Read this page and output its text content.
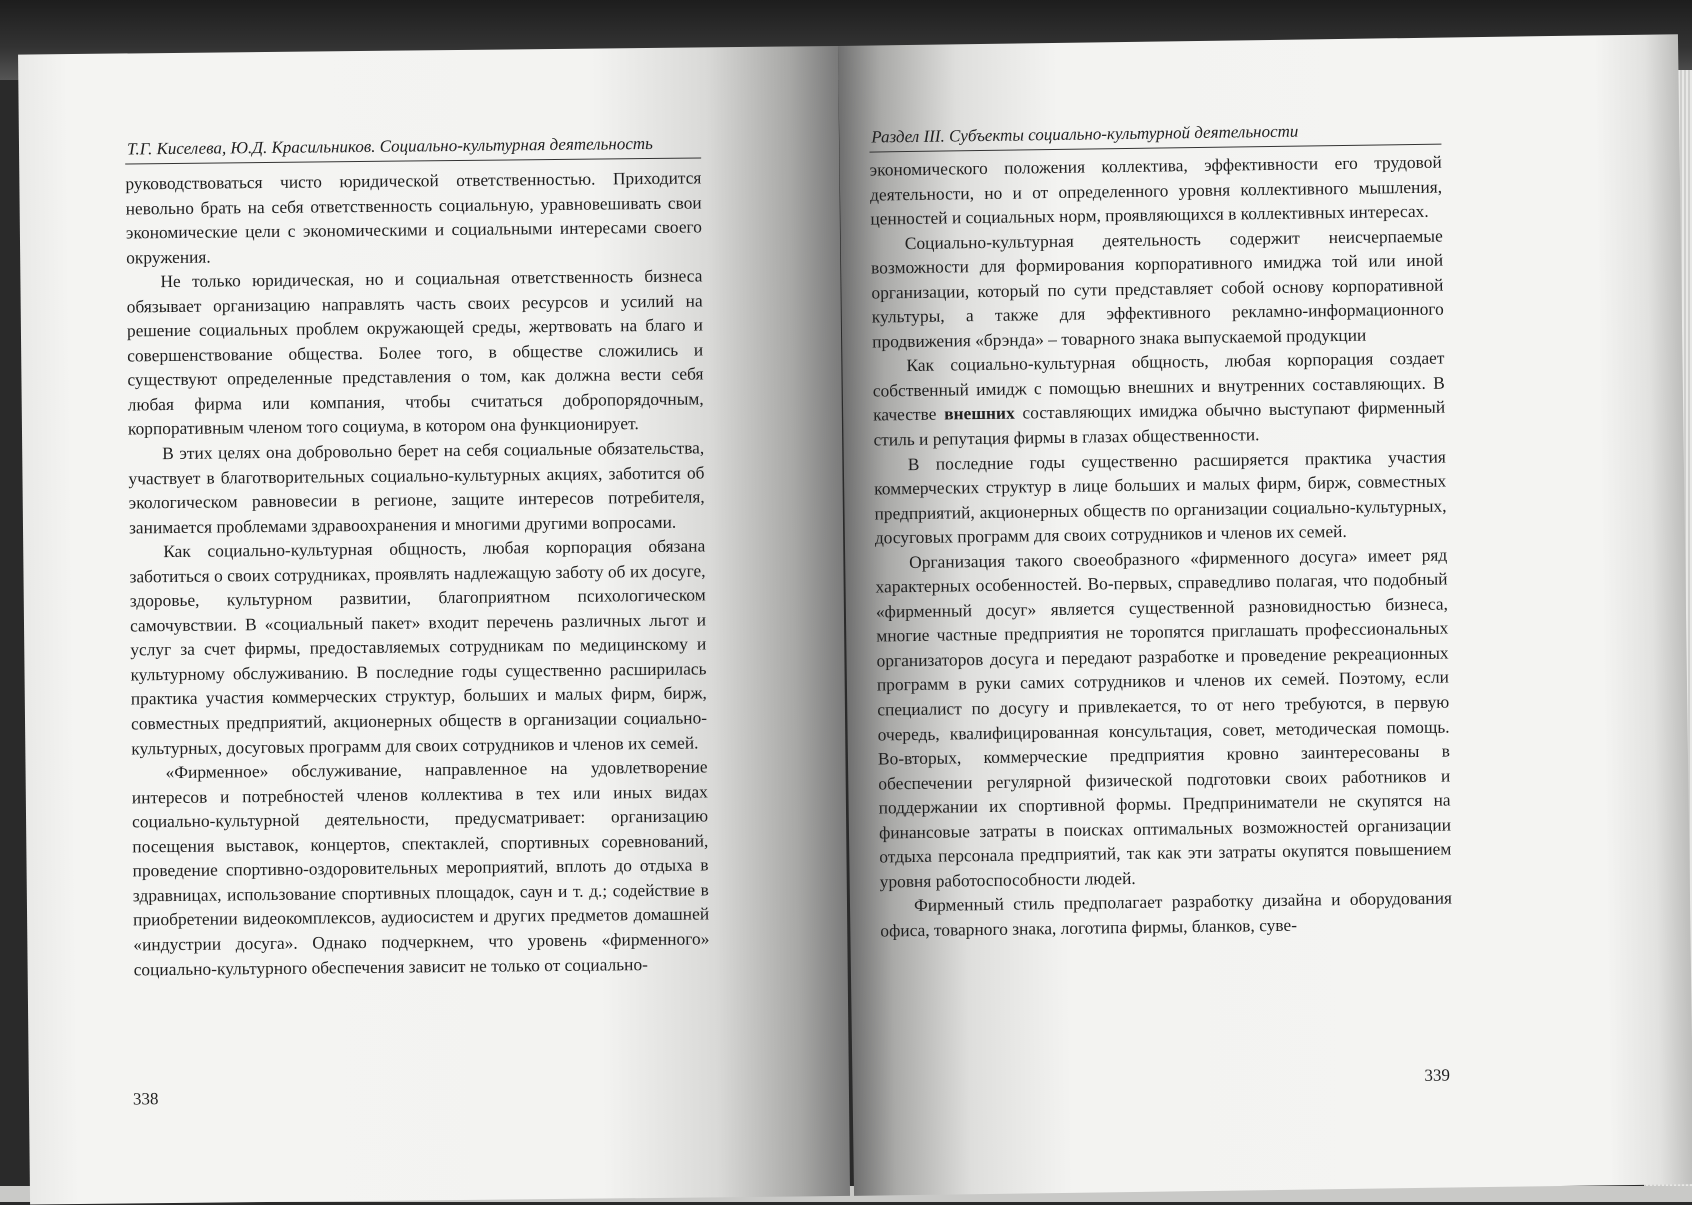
Т.Г. Киселева, Ю.Д. Красильников. Социально-культурная деятельность

руководствоваться чисто юридической ответственностью. Приходится невольно брать на себя ответственность социальную, уравновешивать свои экономические цели с экономическими и социальными интересами своего окружения.

Не только юридическая, но и социальная ответственность бизнеса обязывает организацию направлять часть своих ресурсов и усилий на решение социальных проблем окружающей среды, жертвовать на благо и совершенствование общества. Более того, в обществе сложились и существуют определенные представления о том, как должна вести себя любая фирма или компания, чтобы считаться добропорядочным, корпоративным членом того социума, в котором она функционирует.

В этих целях она добровольно берет на себя социальные обязательства, участвует в благотворительных социально-культурных акциях, заботится об экологическом равновесии в регионе, защите интересов потребителя, занимается проблемами здравоохранения и многими другими вопросами.

Как социально-культурная общность, любая корпорация обязана заботиться о своих сотрудниках, проявлять надлежащую заботу об их досуге, здоровье, культурном развитии, благоприятном психологическом самочувствии. В «социальный пакет» входит перечень различных льгот и услуг за счет фирмы, предоставляемых сотрудникам по медицинскому и культурному обслуживанию. В последние годы существенно расширилась практика участия коммерческих структур, больших и малых фирм, бирж, совместных предприятий, акционерных обществ в организации социально-культурных, досуговых программ для своих сотрудников и членов их семей.

«Фирменное» обслуживание, направленное на удовлетворение интересов и потребностей членов коллектива в тех или иных видах социально-культурной деятельности, предусматривает: организацию посещения выставок, концертов, спектаклей, спортивных соревнований, проведение спортивно-оздоровительных мероприятий, вплоть до отдыха в здравницах, использование спортивных площадок, саун и т. д.; содействие в приобретении видеокомплексов, аудиосистем и других предметов домашней «индустрии досуга». Однако подчеркнем, что уровень «фирменного» социально-культурного обеспечения зависит не только от социально-

338
Раздел III. Субъекты социально-культурной деятельности

экономического положения коллектива, эффективности его трудовой деятельности, но и от определенного уровня коллективного мышления, ценностей и социальных норм, проявляющихся в коллективных интересах.

Социально-культурная деятельность содержит неисчерпаемые возможности для формирования корпоративного имиджа той или иной организации, который по сути представляет собой основу корпоративной культуры, а также для эффективного рекламно-информационного продвижения «брэнда» – товарного знака выпускаемой продукции

Как социально-культурная общность, любая корпорация создает собственный имидж с помощью внешних и внутренних составляющих. В качестве внешних составляющих имиджа обычно выступают фирменный стиль и репутация фирмы в глазах общественности.

В последние годы существенно расширяется практика участия коммерческих структур в лице больших и малых фирм, бирж, совместных предприятий, акционерных обществ по организации социально-культурных, досуговых программ для своих сотрудников и членов их семей.

Организация такого своеобразного «фирменного досуга» имеет ряд характерных особенностей. Во-первых, справедливо полагая, что подобный «фирменный досуг» является существенной разновидностью бизнеса, многие частные предприятия не торопятся приглашать профессиональных организаторов досуга и передают разработке и проведение рекреационных программ в руки самих сотрудников и членов их семей. Поэтому, если специалист по досугу и привлекается, то от него требуются, в первую очередь, квалифицированная консультация, совет, методическая помощь. Во-вторых, коммерческие предприятия кровно заинтересованы в обеспечении регулярной физической подготовки своих работников и поддержании их спортивной формы. Предприниматели не скупятся на финансовые затраты в поисках оптимальных возможностей организации отдыха персонала предприятий, так как эти затраты окупятся повышением уровня работоспособности людей.

Фирменный стиль предполагает разработку дизайна и оборудования офиса, товарного знака, логотипа фирмы, бланков, суве-

339
